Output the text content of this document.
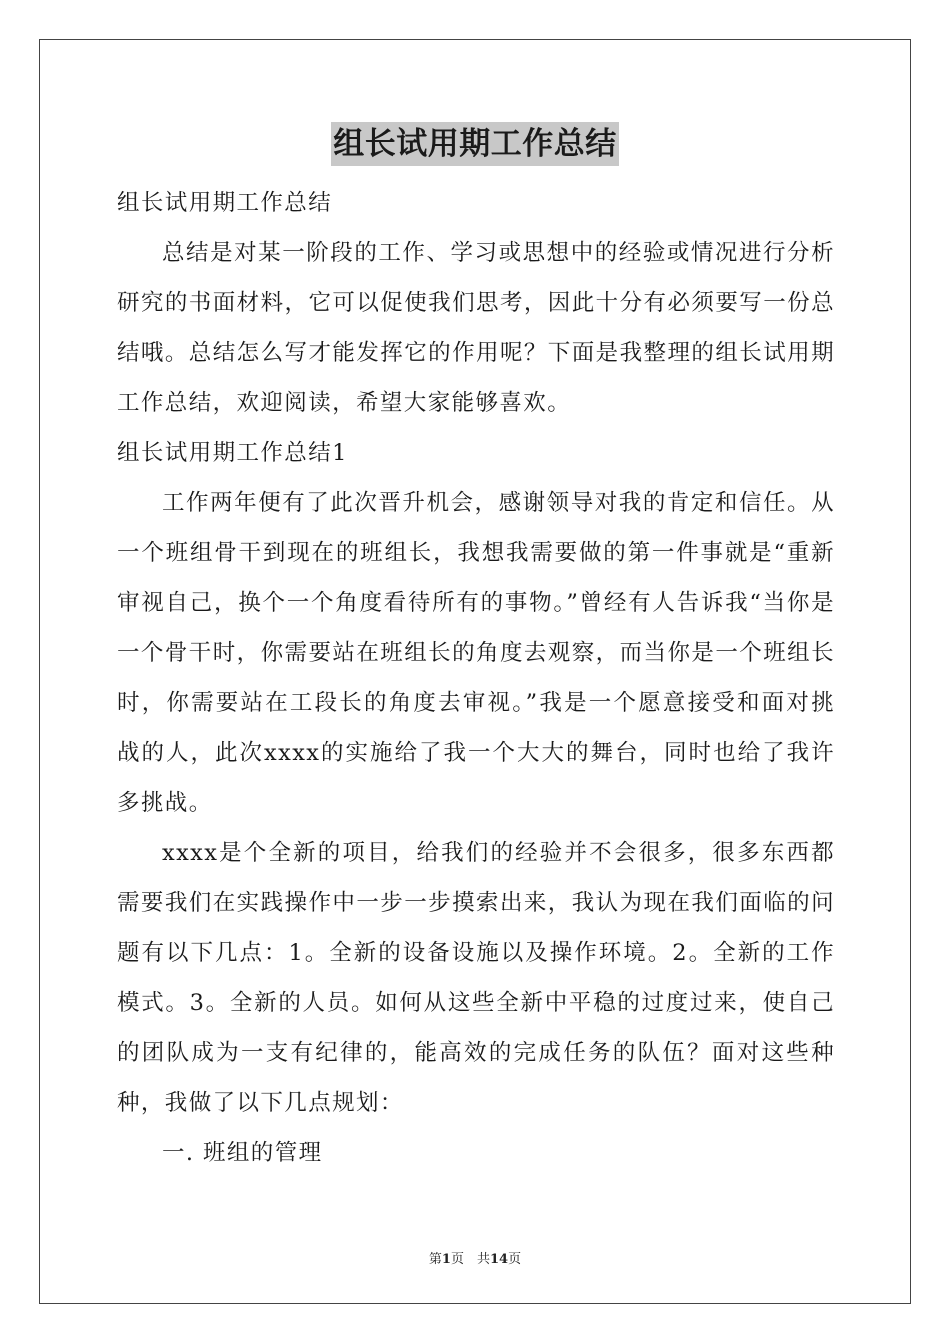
组长试用期工作总结

组长试用期工作总结

总结是对某一阶段的工作、学习或思想中的经验或情况进行分析研究的书面材料，它可以促使我们思考，因此十分有必须要写一份总结哦。总结怎么写才能发挥它的作用呢？下面是我整理的组长试用期工作总结，欢迎阅读，希望大家能够喜欢。

组长试用期工作总结1

工作两年便有了此次晋升机会，感谢领导对我的肯定和信任。从一个班组骨干到现在的班组长，我想我需要做的第一件事就是“重新审视自己，换个一个角度看待所有的事物。”曾经有人告诉我“当你是一个骨干时，你需要站在班组长的角度去观察，而当你是一个班组长时，你需要站在工段长的角度去审视。”我是一个愿意接受和面对挑战的人，此次xxxx的实施给了我一个大大的舞台，同时也给了我许多挑战。

xxxx是个全新的项目，给我们的经验并不会很多，很多东西都需要我们在实践操作中一步一步摸索出来，我认为现在我们面临的问题有以下几点：1。全新的设备设施以及操作环境。2。全新的工作模式。3。全新的人员。如何从这些全新中平稳的过度过来，使自己的团队成为一支有纪律的，能高效的完成任务的队伍？面对这些种种，我做了以下几点规划：

一. 班组的管理

第1页　共14页
